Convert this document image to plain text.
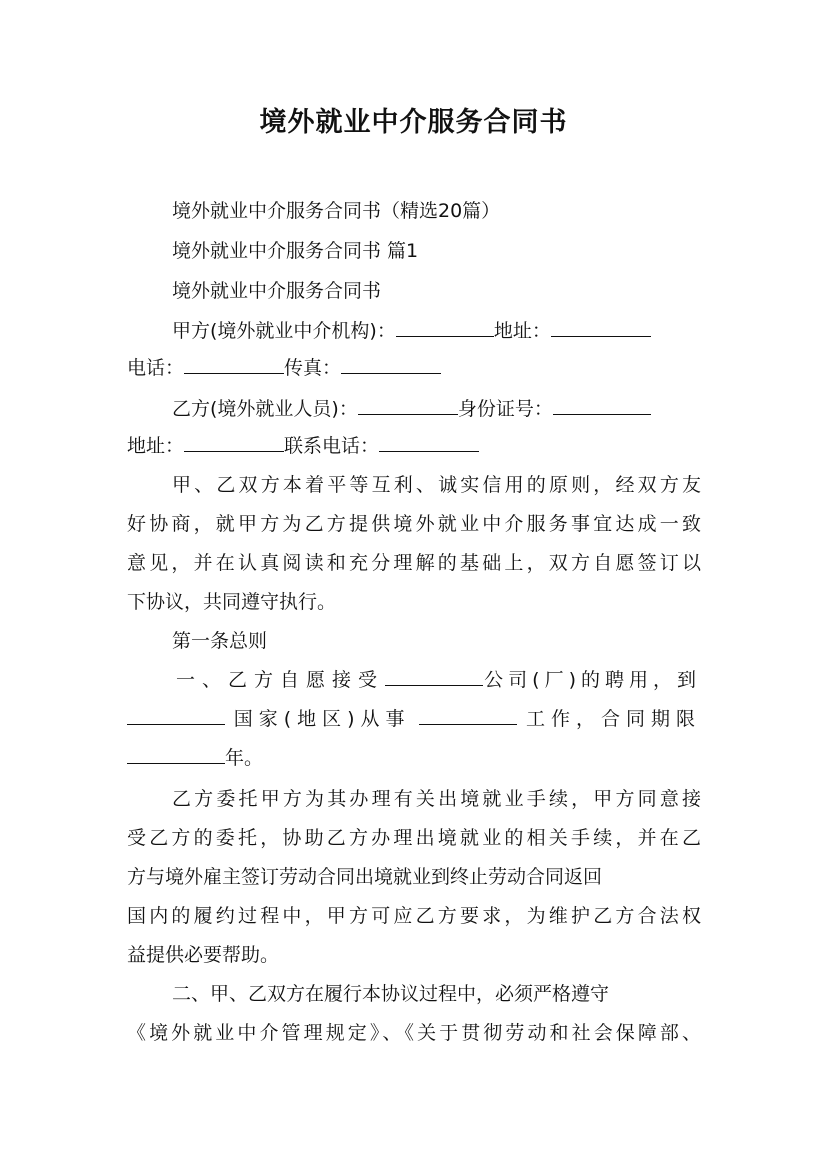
境外就业中介服务合同书
境外就业中介服务合同书（精选20篇）
境外就业中介服务合同书 篇1
境外就业中介服务合同书
甲方(境外就业中介机构)：	地址：
电话：	传真：
乙方(境外就业人员)：	身份证号：
地址：	联系电话：
甲、乙双方本着平等互利、诚实信用的原则，经双方友
好协商，就甲方为乙方提供境外就业中介服务事宜达成一致
意见，并在认真阅读和充分理解的基础上，双方自愿签订以
下协议，共同遵守执行。
第一条总则
一、乙方自愿接受	公司(厂)的聘用，到
国家(地区)从事	工作，合同期限
年。
乙方委托甲方为其办理有关出境就业手续，甲方同意接
受乙方的委托，协助乙方办理出境就业的相关手续，并在乙
方与境外雇主签订劳动合同出境就业到终止劳动合同返回
国内的履约过程中，甲方可应乙方要求，为维护乙方合法权
益提供必要帮助。
二、甲、乙双方在履行本协议过程中，必须严格遵守
《境外就业中介管理规定》、《关于贯彻劳动和社会保障部、
